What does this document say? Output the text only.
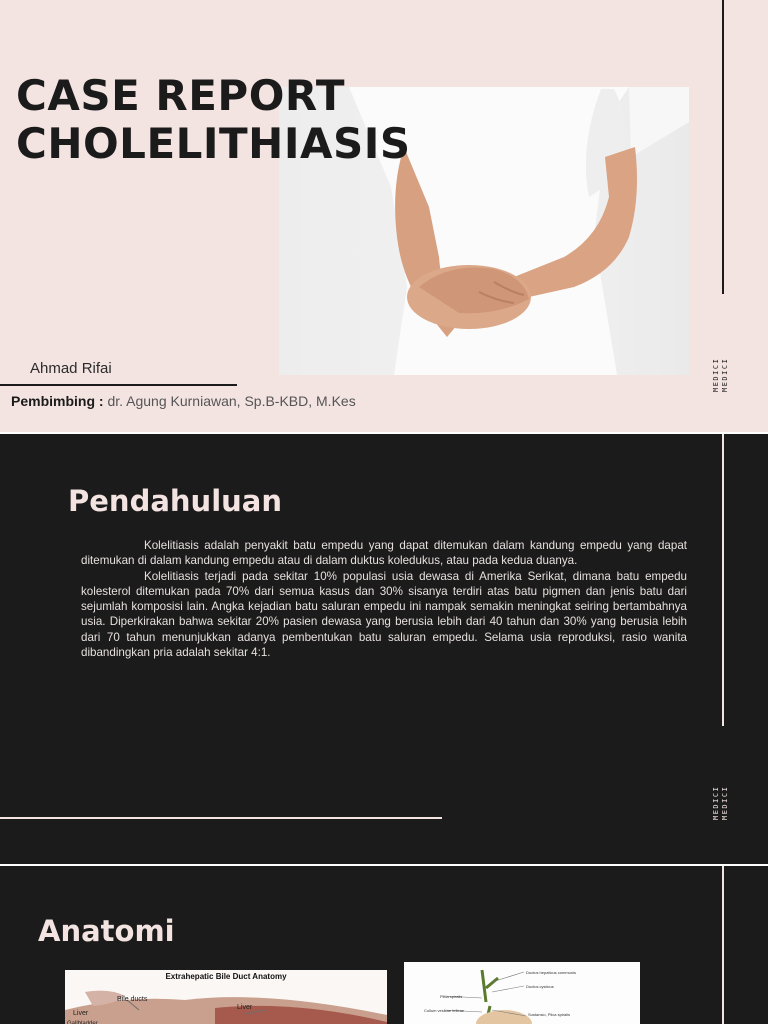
CASE REPORT
CHOLELITHIASIS
MEDICI MEDICI
Ahmad Rifai
Pembimbing : dr. Agung Kurniawan, Sp.B-KBD, M.Kes
Pendahuluan

Kolelitiasis adalah penyakit batu empedu yang dapat ditemukan dalam kandung empedu yang dapat ditemukan di dalam kandung empedu atau di dalam duktus koledukus, atau pada kedua duanya.

Kolelitiasis terjadi pada sekitar 10% populasi usia dewasa di Amerika Serikat, dimana batu empedu kolesterol ditemukan pada 70% dari semua kasus dan 30% sisanya terdiri atas batu pigmen dan jenis batu dari sejumlah komposisi lain. Angka kejadian batu saluran empedu ini nampak semakin meningkat seiring bertambahnya usia. Diperkirakan bahwa sekitar 20% pasien dewasa yang berusia lebih dari 40 tahun dan 30% yang berusia lebih dari 70 tahun menunjukkan adanya pembentukan batu saluran empedu. Selama usia reproduksi, rasio wanita dibandingkan pria adalah sekitar 4:1.

MEDICI MEDICI
Anatomi
Extrahepatic Bile Duct Anatomy
Bile ducts
Liver
Liver
Gallbladder
Ductus hepaticus communis
Ductus cysticus
Plica spiralis
Sustansio, Plica spiralis
Collum vesicae felleae
